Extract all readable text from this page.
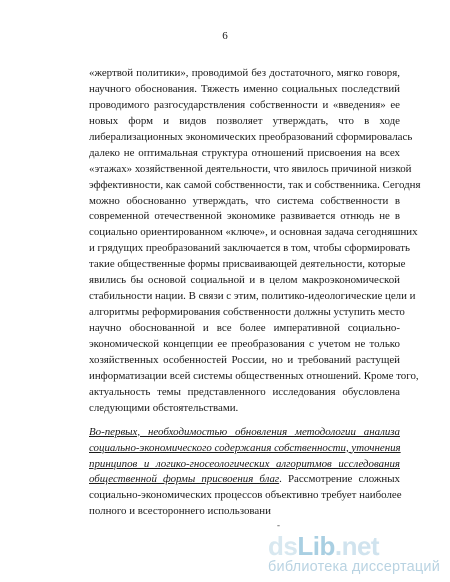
6
«жертвой политики», проводимой без достаточного, мягко говоря,
научного обоснования. Тяжесть именно социальных последствий
проводимого разгосударствления собственности и «введения» ее
новых форм и видов позволяет утверждать, что в ходе
либерализационных экономических преобразований сформировалась
далеко не оптимальная структура отношений присвоения на всех
«этажах» хозяйственной деятельности, что явилось причиной низкой
эффективности, как самой собственности, так и собственника. Сегодня
можно обоснованно утверждать, что система собственности в
современной отечественной экономике развивается отнюдь не в
социально ориентированном «ключе», и основная задача сегодняшних
и грядущих преобразований заключается в том, чтобы сформировать
такие общественные формы присваивающей деятельности, которые
явились бы основой социальной и в целом макроэкономической
стабильности нации. В связи с этим, политико-идеологические цели и
алгоритмы реформирования собственности должны уступить место
научно обоснованной и все более императивной социально-
экономической концепции ее преобразования с учетом не только
хозяйственных особенностей России, но и требований растущей
информатизации всей системы общественных отношений. Кроме того,
актуальность темы представленного исследования обусловлена
следующими обстоятельствами.
Во-первых, необходимостью обновления методологии анализа
социально-экономического содержания собственности, уточнения
принципов и логико-гносеологических алгоритмов исследования
общественной формы присвоения благ. Рассмотрение сложных
социально-экономических процессов объективно требует наиболее
полного и всестороннего использовани
-
dsLib.net
библиотека диссертаций
